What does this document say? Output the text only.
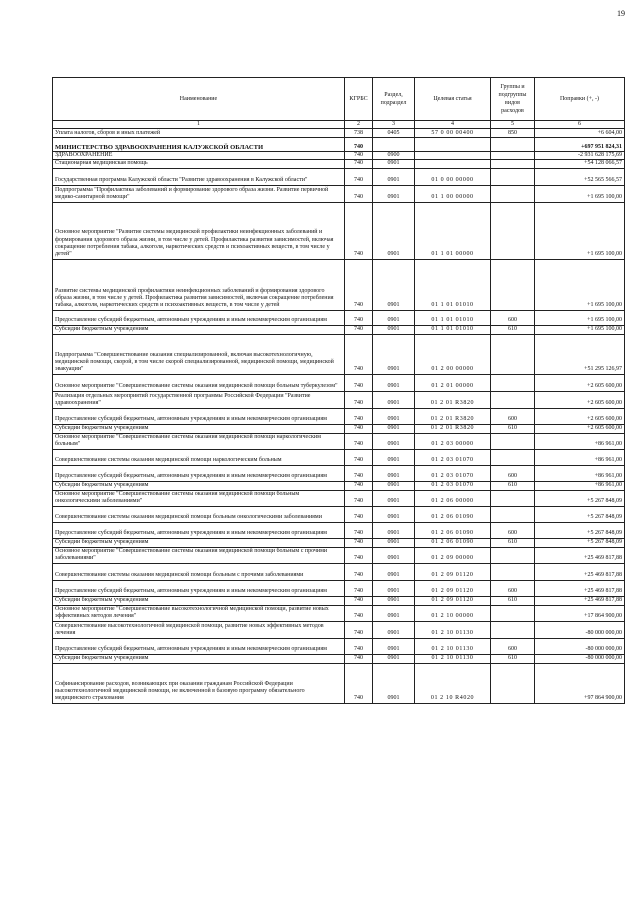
19
Наименование	КГРБС	Раздел, подраздел	Целевая статья	Группы и подгруппы видов расходов	Поправки (+, -)
1	2	3	4	5	6
Уплата налогов, сборов и иных платежей	738	0405	57 0 00 00400	850	+6 604,00
МИНИСТЕРСТВО ЗДРАВООХРАНЕНИЯ КАЛУЖСКОЙ ОБЛАСТИ	740				+697 951 824,31
ЗДРАВООХРАНЕНИЕ	740	0900			-2 931 628 175,69
Стационарная медицинская помощь	740	0901			+54 128 066,57
Государственная программа Калужской области "Развитие здравоохранения в Калужской области"	740	0901	01 0 00 00000		+52 565 566,57
Подпрограмма "Профилактика заболеваний и формирование здорового образа жизни. Развитие первичной медико-санитарной помощи"	740	0901	01 1 00 00000		+1 695 100,00
Основное мероприятие "Развитие системы медицинской профилактики неинфекционных заболеваний и формирования здорового образа жизни, в том числе у детей. Профилактика развития зависимостей, включая сокращение потребления табака, алкоголя, наркотических средств и психоактивных веществ, в том числе у детей"	740	0901	01 1 01 00000		+1 695 100,00
Развитие системы медицинской профилактики неинфекционных заболеваний и формирования здорового образа жизни, в том числе у детей. Профилактика развития зависимостей, включая сокращение потребления табака, алкоголя, наркотических средств и психоактивных веществ, в том числе у детей	740	0901	01 1 01 01010		+1 695 100,00
Предоставление субсидий бюджетным, автономным учреждениям и иным некоммерческим организациям	740	0901	01 1 01 01010	600	+1 695 100,00
Субсидии бюджетным учреждениям	740	0901	01 1 01 01010	610	+1 695 100,00
Подпрограмма "Совершенствование оказания специализированной, включая высокотехнологичную, медицинской помощи, скорой, в том числе скорой специализированной, медицинской помощи, медицинской эвакуации"	740	0901	01 2 00 00000		+51 295 126,97
Основное мероприятие "Совершенствование системы оказания медицинской помощи больным туберкулезом"	740	0901	01 2 01 00000		+2 605 600,00
Реализация отдельных мероприятий государственной программы Российской Федерации "Развитие здравоохранения"	740	0901	01 2 01 R3820		+2 605 600,00
Предоставление субсидий бюджетным, автономным учреждениям и иным некоммерческим организациям	740	0901	01 2 01 R3820	600	+2 605 600,00
Субсидии бюджетным учреждениям	740	0901	01 2 01 R3820	610	+2 605 600,00
Основное мероприятие "Совершенствование системы оказания медицинской помощи наркологическим больным"	740	0901	01 2 03 00000		+86 961,00
Совершенствование системы оказания медицинской помощи наркологическим больным	740	0901	01 2 03 01070		+86 961,00
Предоставление субсидий бюджетным, автономным учреждениям и иным некоммерческим организациям	740	0901	01 2 03 01070	600	+86 961,00
Субсидии бюджетным учреждениям	740	0901	01 2 03 01070	610	+86 961,00
Основное мероприятие "Совершенствование системы оказания медицинской помощи больным онкологическими заболеваниями"	740	0901	01 2 06 00000		+5 267 848,09
Совершенствование системы оказания медицинской помощи больным онкологическими заболеваниями	740	0901	01 2 06 01090		+5 267 848,09
Предоставление субсидий бюджетным, автономным учреждениям и иным некоммерческим организациям	740	0901	01 2 06 01090	600	+5 267 848,09
Субсидии бюджетным учреждениям	740	0901	01 2 06 01090	610	+5 267 848,09
Основное мероприятие "Совершенствование системы оказания медицинской помощи больным с прочими заболеваниями"	740	0901	01 2 09 00000		+25 469 817,88
Совершенствование системы оказания медицинской помощи больным с прочими заболеваниями	740	0901	01 2 09 01120		+25 469 817,88
Предоставление субсидий бюджетным, автономным учреждениям и иным некоммерческим организациям	740	0901	01 2 09 01120	600	+25 469 817,88
Субсидии бюджетным учреждениям	740	0901	01 2 09 01120	610	+25 469 817,88
Основное мероприятие "Совершенствование высокотехнологичной медицинской помощи, развитие новых эффективных методов лечения"	740	0901	01 2 10 00000		+17 864 900,00
Совершенствование высокотехнологичной медицинской помощи, развитие новых эффективных методов лечения	740	0901	01 2 10 01130		-80 000 000,00
Предоставление субсидий бюджетным, автономным учреждениям и иным некоммерческим организациям	740	0901	01 2 10 01130	600	-80 000 000,00
Субсидии бюджетным учреждениям	740	0901	01 2 10 01130	610	-80 000 000,00
Софинансирование расходов, возникающих при оказании гражданам Российской Федерации высокотехнологичной медицинской помощи, не включенной в базовую программу обязательного медицинского страхования	740	0901	01 2 10 R4020		+97 864 900,00
